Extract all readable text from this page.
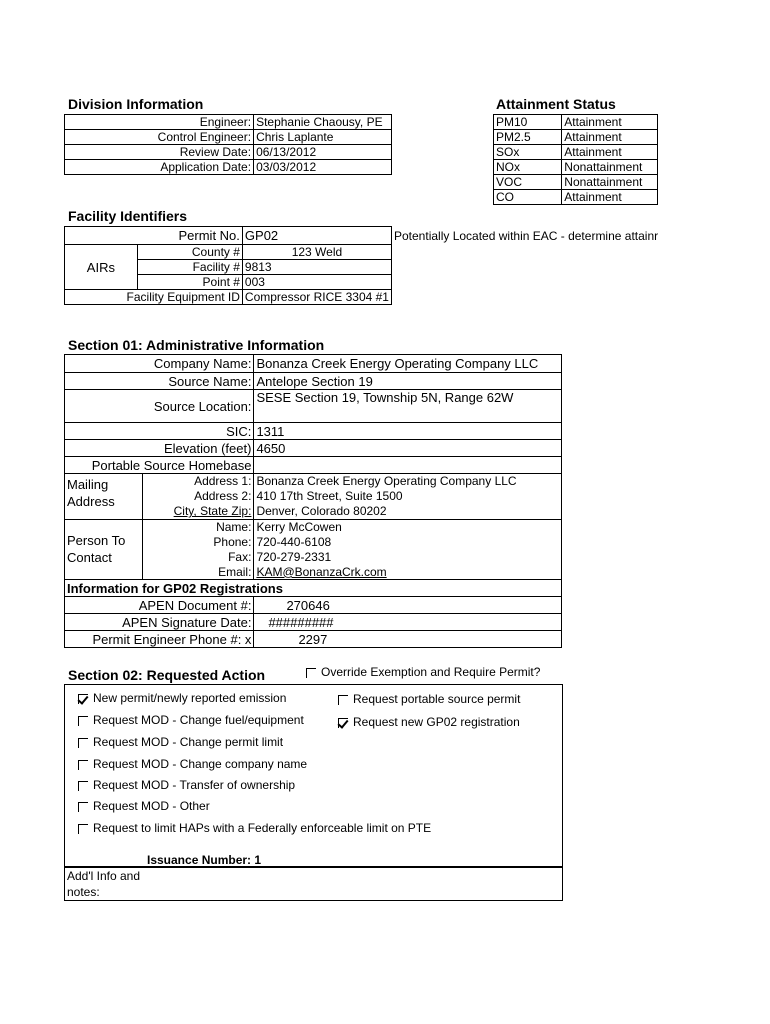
Division Information
Engineer:	Stephanie Chaousy, PE
Control Engineer:	Chris Laplante
Review Date:	06/13/2012
Application Date:	03/03/2012
Attainment Status
PM10	Attainment
PM2.5	Attainment
SOx	Attainment
NOx	Nonattainment
VOC	Nonattainment
CO	Attainment
Facility Identifiers
Permit No.		GP02
AIRs	County #	123 Weld
	Facility #	9813
	Point #	003
Facility Equipment ID		Compressor RICE 3304 #1
Potentially Located within EAC - determine attainr
Section 01: Administrative Information
Company Name:		Bonanza Creek Energy Operating Company LLC
Source Name:		Antelope Section 19
Source Location:		SESE Section 19, Township 5N, Range 62W
SIC:		1311
Elevation (feet)		4650
Portable Source Homebase		
Mailing
Address	Address 1:	Bonanza Creek Energy Operating Company LLC
	Address 2:	410 17th Street, Suite 1500
	City, State Zip:	Denver, Colorado 80202
Person To
Contact	Name:	Kerry McCowen
	Phone:	720-440-6108
	Fax:	720-279-2331
	Email:	KAM@BonanzaCrk.com
Information for GP02 Registrations		
APEN Document #:		270646
APEN Signature Date:		#########
Permit Engineer Phone #: x		2297
Section 02: Requested Action	Override Exemption and Require Permit?
New permit/newly reported emission
Request MOD - Change fuel/equipment
Request MOD - Change permit limit
Request MOD - Change company name
Request MOD - Transfer of ownership
Request MOD - Other
Request to limit HAPs with a Federally enforceable limit on PTE
Request portable source permit
Request new GP02 registration
Issuance Number: 1
Add'l Info and
notes:
